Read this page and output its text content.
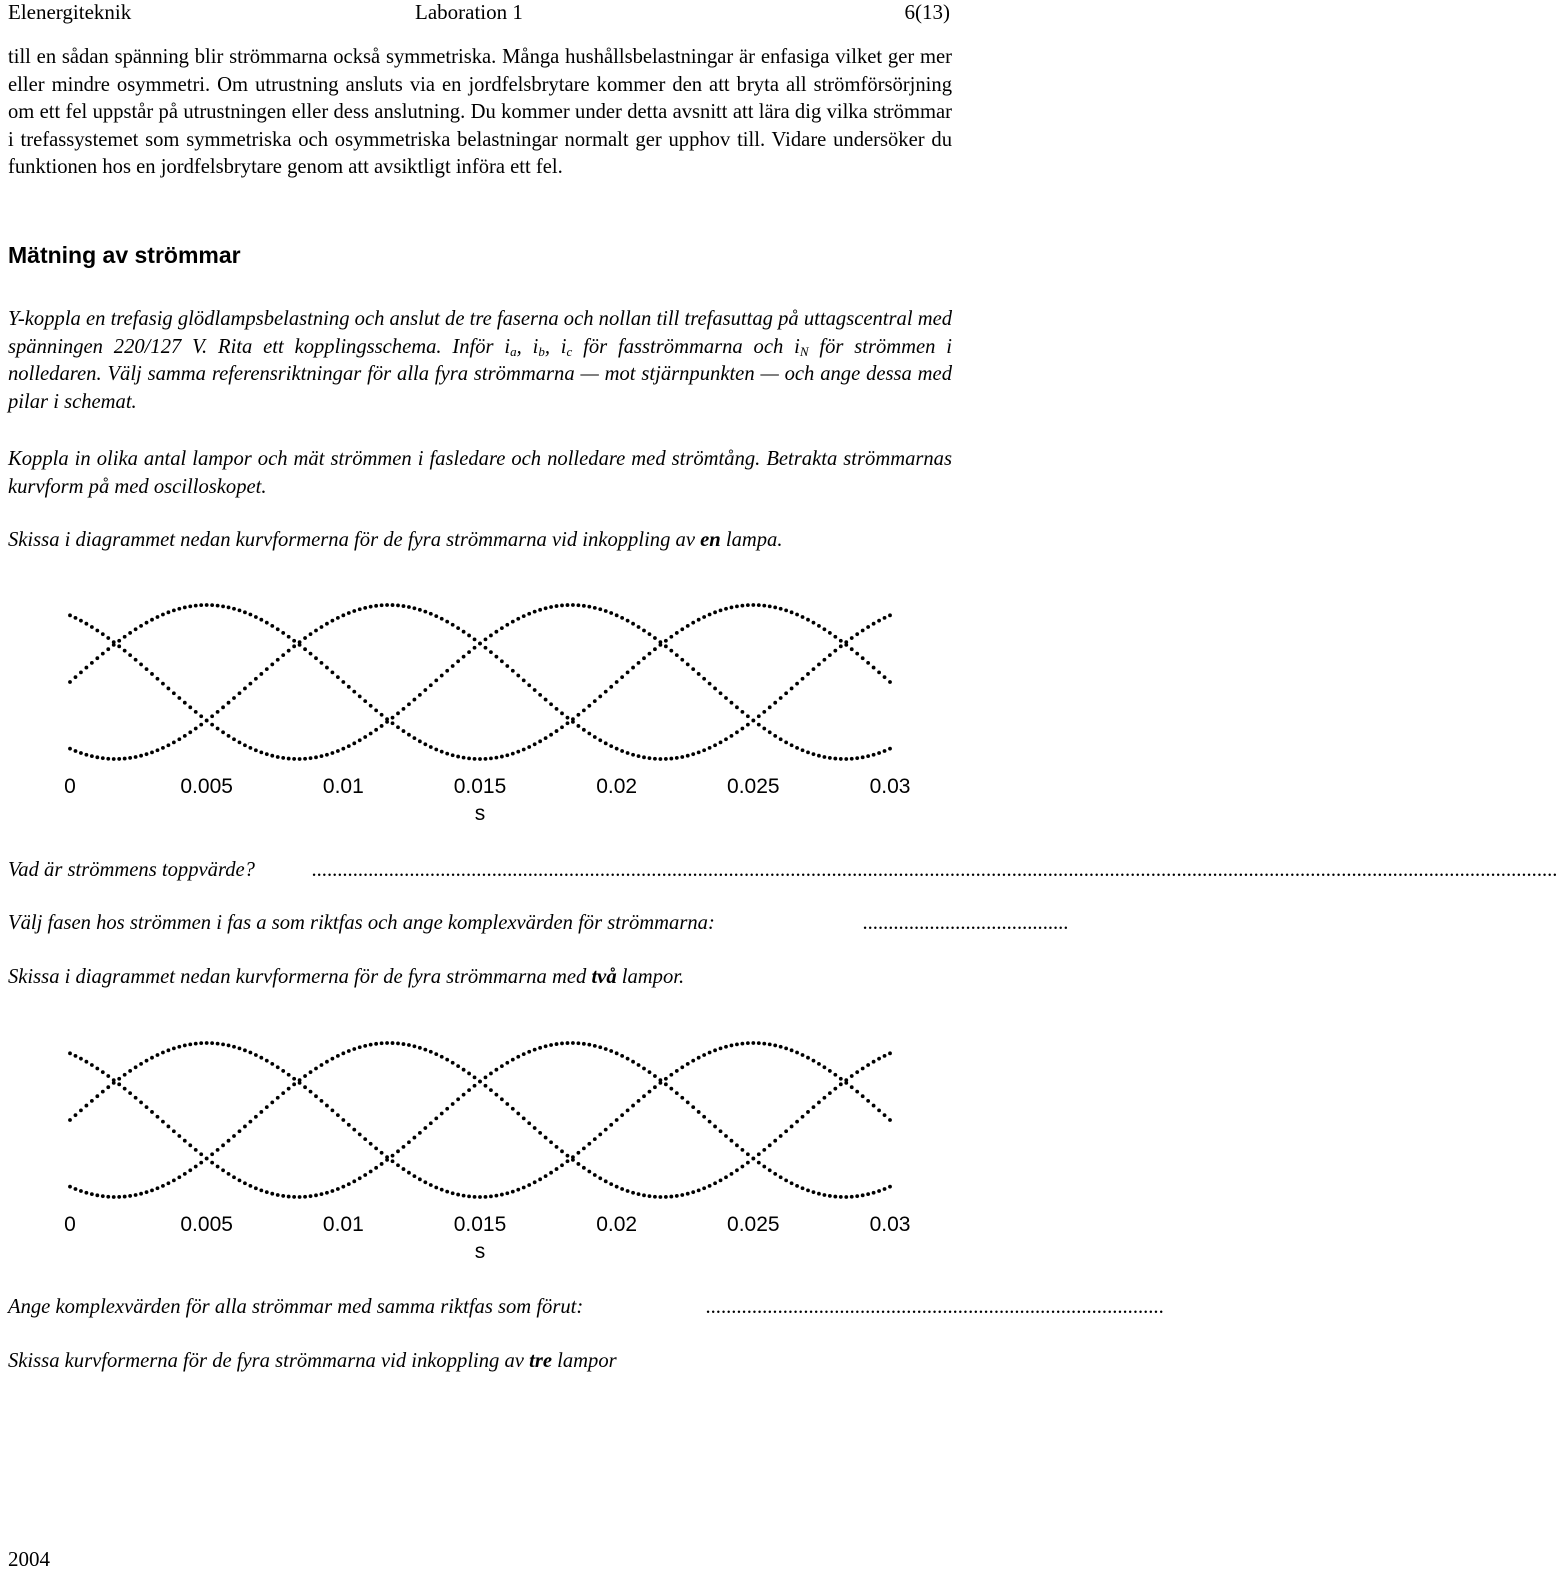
Elenergiteknik	Laboration 1	6(13)
till en sådan spänning blir strömmarna också symmetriska. Många hushållsbelastningar är enfasiga vilket ger mer eller mindre osymmetri. Om utrustning ansluts via en jordfelsbrytare kommer den att bryta all strömförsörjning om ett fel uppstår på utrustningen eller dess anslutning. Du kommer under detta avsnitt att lära dig vilka strömmar i trefassystemet som symmetriska och osymmetriska belastningar normalt ger upphov till. Vidare undersöker du funktionen hos en jordfelsbrytare genom att avsiktligt införa ett fel.
Mätning av strömmar
Y-koppla en trefasig glödlampsbelastning och anslut de tre faserna och nollan till trefasuttag på uttagscentral med spänningen 220/127 V. Rita ett kopplingsschema. Inför $i_a$, $i_b$, $i_c$ för fasströmmarna och $i_N$ för strömmen i nolledaren. Välj samma referensriktningar för alla fyra strömmarna — mot stjärnpunkten — och ange dessa med pilar i schemat.
Koppla in olika antal lampor och mät strömmen i fasledare och nolledare med strömtång. Betrakta strömmarnas kurvform på med oscilloskopet.
Skissa i diagrammet nedan kurvformerna för de fyra strömmarna vid inkoppling av en lampa.
0	0.005	0.01	0.015	0.02	0.025	0.03
s
Vad är strömmens toppvärde?	..................................................................................................................................................................................................................................................
Välj fasen hos strömmen i fas a som riktfas och ange komplexvärden för strömmarna:	........................................
Skissa i diagrammet nedan kurvformerna för de fyra strömmarna med två lampor.
0	0.005	0.01	0.015	0.02	0.025	0.03
s
Ange komplexvärden för alla strömmar med samma riktfas som förut:	.........................................................................................
Skissa kurvformerna för de fyra strömmarna vid inkoppling av tre lampor
2004
